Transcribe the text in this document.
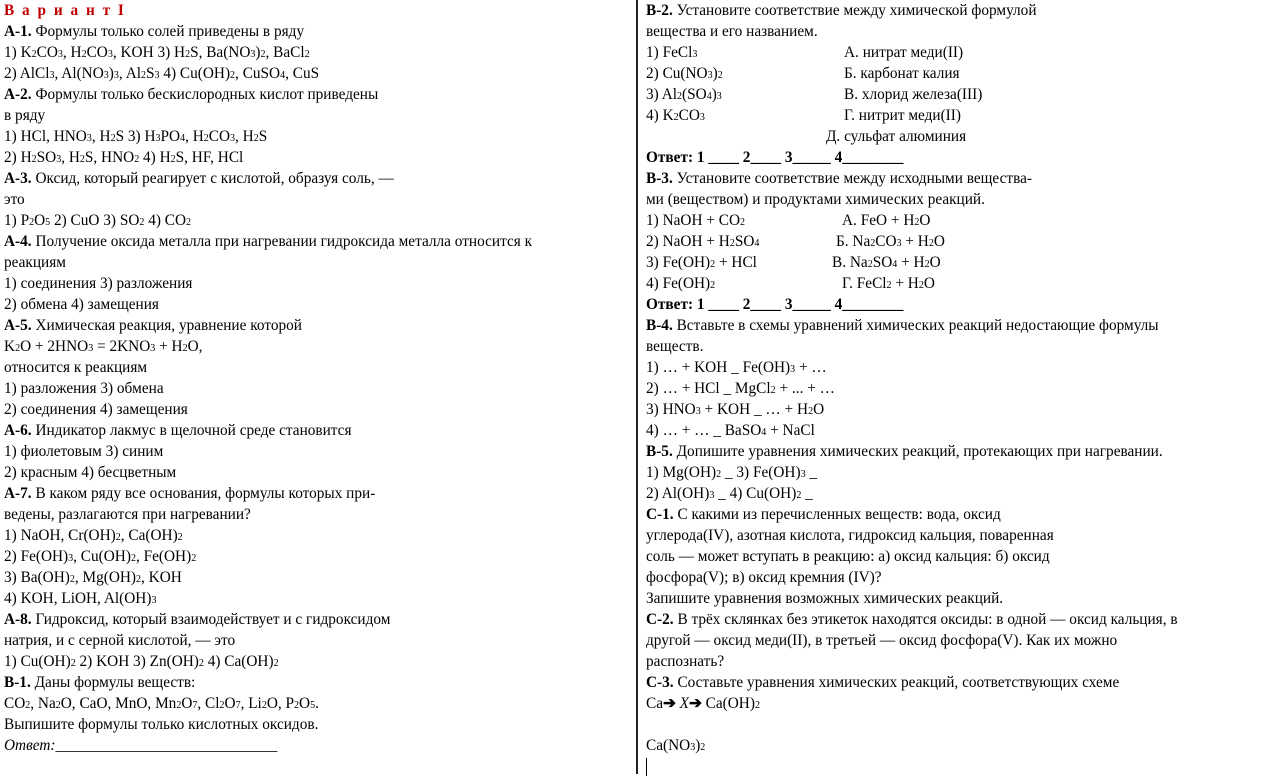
В а р и а н т I
А-1. Формулы только солей приведены в ряду
1) K2CO3, H2CO3, KOH 3) H2S, Ba(NO3)2, BaCl2
2) AlCl3, Al(NO3)3, Al2S3 4) Cu(OH)2, CuSO4, CuS
А-2. Формулы только бескислородных кислот приведены
в ряду
1) HCl, HNO3, H2S 3) H3PO4, H2CO3, H2S
2) H2SO3, H2S, HNO2 4) H2S, HF, HCl
А-3. Оксид, который реагирует с кислотой, образуя соль, —
это
1) P2O5 2) CuO 3) SO2 4) CO2
А-4. Получение оксида металла при нагревании гидроксида металла относится к
реакциям
1) соединения 3) разложения
2) обмена 4) замещения
А-5. Химическая реакция, уравнение которой
K2O + 2HNO3 = 2KNO3 + H2O,
относится к реакциям
1) разложения 3) обмена
2) соединения 4) замещения
А-6. Индикатор лакмус в щелочной среде становится
1) фиолетовым 3) синим
2) красным 4) бесцветным
А-7. В каком ряду все основания, формулы которых при-
ведены, разлагаются при нагревании?
1) NaOH, Cr(OH)2, Ca(OH)2
2) Fe(OH)3, Cu(OH)2, Fe(OH)2
3) Ba(OH)2, Mg(OH)2, KOH
4) KOH, LiOH, Al(OH)3
А-8. Гидроксид, который взаимодействует и с гидроксидом
натрия, и с серной кислотой, — это
1) Cu(OH)2 2) KOH 3) Zn(OH)2 4) Ca(OH)2
В-1. Даны формулы веществ:
CO2, Na2O, CaO, MnO, Mn2O7, Cl2O7, Li2O, P2O5.
Выпишите формулы только кислотных оксидов.
Ответ:_____________________________
В-2. Установите соответствие между химической формулой
вещества и его названием.
1) FeCl3	А. нитрат меди(II)
2) Cu(NO3)2	Б. карбонат калия
3) Al2(SO4)3	В. хлорид железа(III)
4) K2CO3	Г. нитрит меди(II)
Д. сульфат алюминия
Ответ: 1 ____ 2____ 3_____ 4________
В-3. Установите соответствие между исходными вещества-
ми (веществом) и продуктами химических реакций.
1) NaOH + CO2	А. FeO + H2O
2) NaOH + H2SO4	Б. Na2CO3 + H2O
3) Fe(OH)2 + HCl	В. Na2SO4 + H2O
4) Fe(OH)2	Г. FeCl2 + H2O
Ответ: 1 ____ 2____ 3_____ 4________
В-4. Вставьте в схемы уравнений химических реакций недостающие формулы
веществ.
1) … + KOH _ Fe(OH)3 + …
2) … + HCl _ MgCl2 + ... + …
3) HNO3 + KOH _ … + H2O
4) … + … _ BaSO4 + NaCl
В-5. Допишите уравнения химических реакций, протекающих при нагревании.
1) Mg(OH)2 _ 3) Fe(OH)3 _
2) Al(OH)3 _ 4) Cu(OH)2 _
С-1. С какими из перечисленных веществ: вода, оксид
углерода(IV), азотная кислота, гидроксид кальция, поваренная
соль — может вступать в реакцию: а) оксид кальция: б) оксид
фосфора(V); в) оксид кремния (IV)?
Запишите уравнения возможных химических реакций.
С-2. В трёх склянках без этикеток находятся оксиды: в одной — оксид кальция, в
другой — оксид меди(II), в третьей — оксид фосфора(V). Как их можно
распознать?
С-3. Составьте уравнения химических реакций, соответствующих схеме
Ca➔ X➔ Ca(OH)2
Ca(NO3)2
